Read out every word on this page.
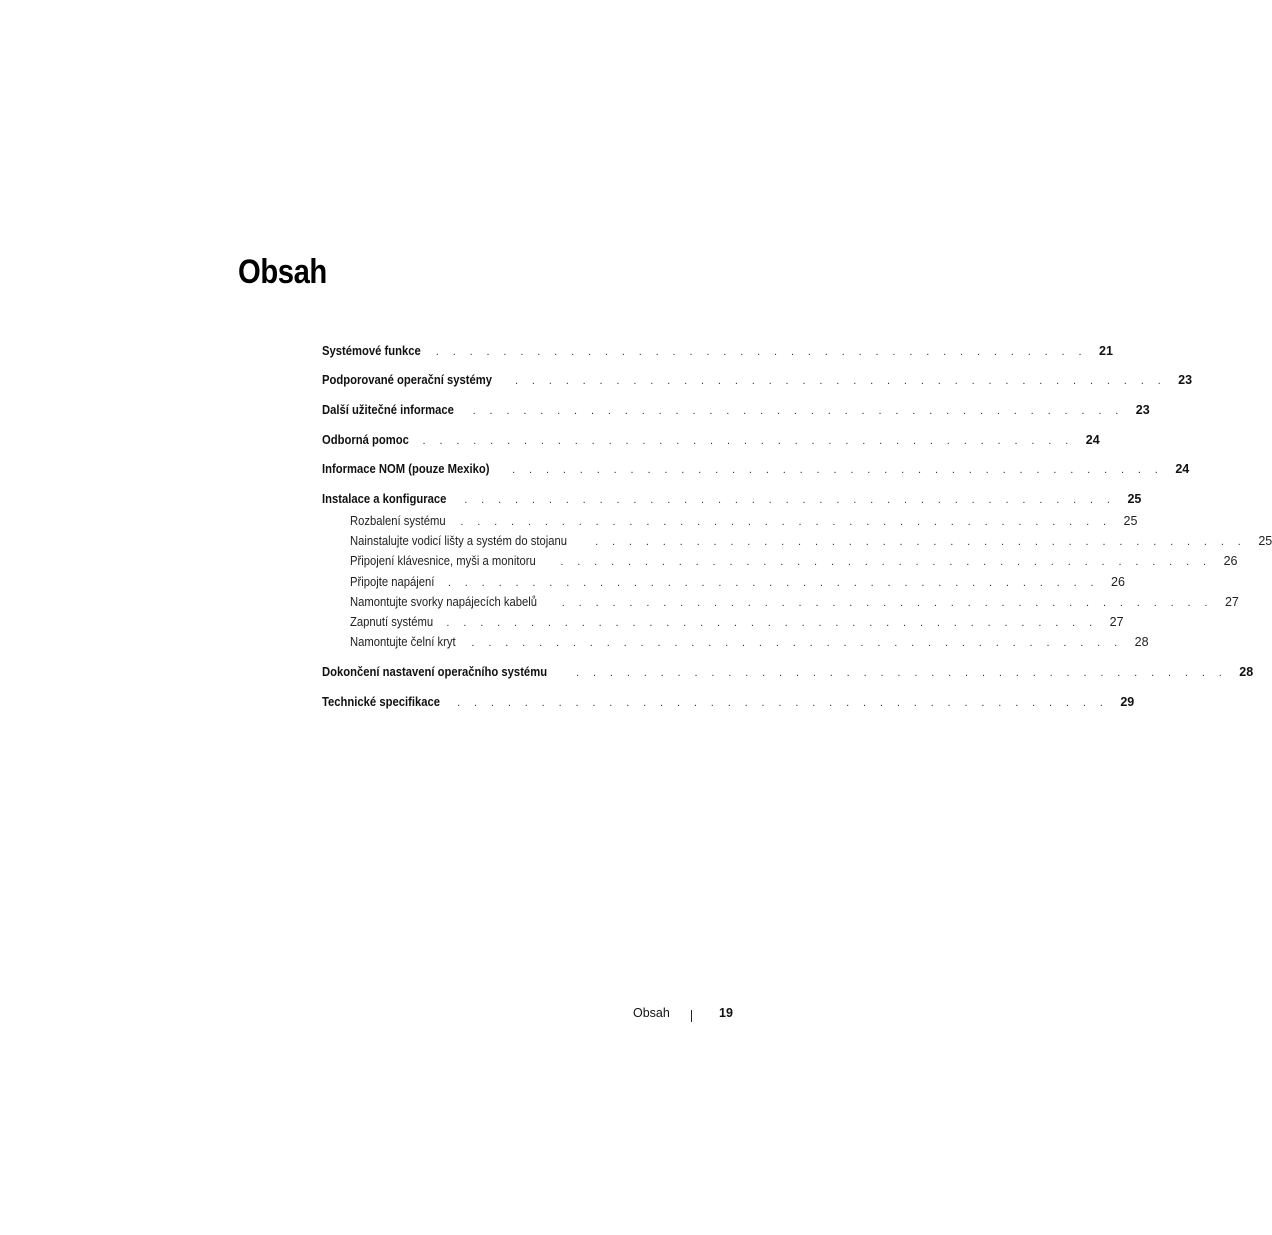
Obsah
Systémové funkce . . . . . . . . . . . . . . . . . . . . . . . . . . . . . . . . . . . . . . . 21
Podporované operační systémy . . . . . . . . . . . . . . . . . . . . . . . . . . . . . . . . . . . . . . . 23
Další užitečné informace . . . . . . . . . . . . . . . . . . . . . . . . . . . . . . . . . . . . . . . 23
Odborná pomoc . . . . . . . . . . . . . . . . . . . . . . . . . . . . . . . . . . . . . . . 24
Informace NOM (pouze Mexiko) . . . . . . . . . . . . . . . . . . . . . . . . . . . . . . . . . . . . . . . 24
Instalace a konfigurace . . . . . . . . . . . . . . . . . . . . . . . . . . . . . . . . . . . . . . . 25
Rozbalení systému . . . . . . . . . . . . . . . . . . . . . . . . . . . . . . . . . . . . . . . 25
Nainstalujte vodicí lišty a systém do stojanu	. . . . . . . . . . . . . . . . . . . . . . . . . . . . . . . . . . . . . . . 25
Připojení klávesnice, myši a monitoru . . . . . . . . . . . . . . . . . . . . . . . . . . . . . . . . . . . . . . . 26
Připojte napájení . . . . . . . . . . . . . . . . . . . . . . . . . . . . . . . . . . . . . . . 26
Namontujte svorky napájecích kabelů . . . . . . . . . . . . . . . . . . . . . . . . . . . . . . . . . . . . . . . 27
Zapnutí systému . . . . . . . . . . . . . . . . . . . . . . . . . . . . . . . . . . . . . . . 27
Namontujte čelní kryt . . . . . . . . . . . . . . . . . . . . . . . . . . . . . . . . . . . . . . . 28
Dokončení nastavení operačního systému	. . . . . . . . . . . . . . . . . . . . . . . . . . . . . . . . . . . . . . . 28
Technické specifikace . . . . . . . . . . . . . . . . . . . . . . . . . . . . . . . . . . . . . . . 29
Obsah	19
